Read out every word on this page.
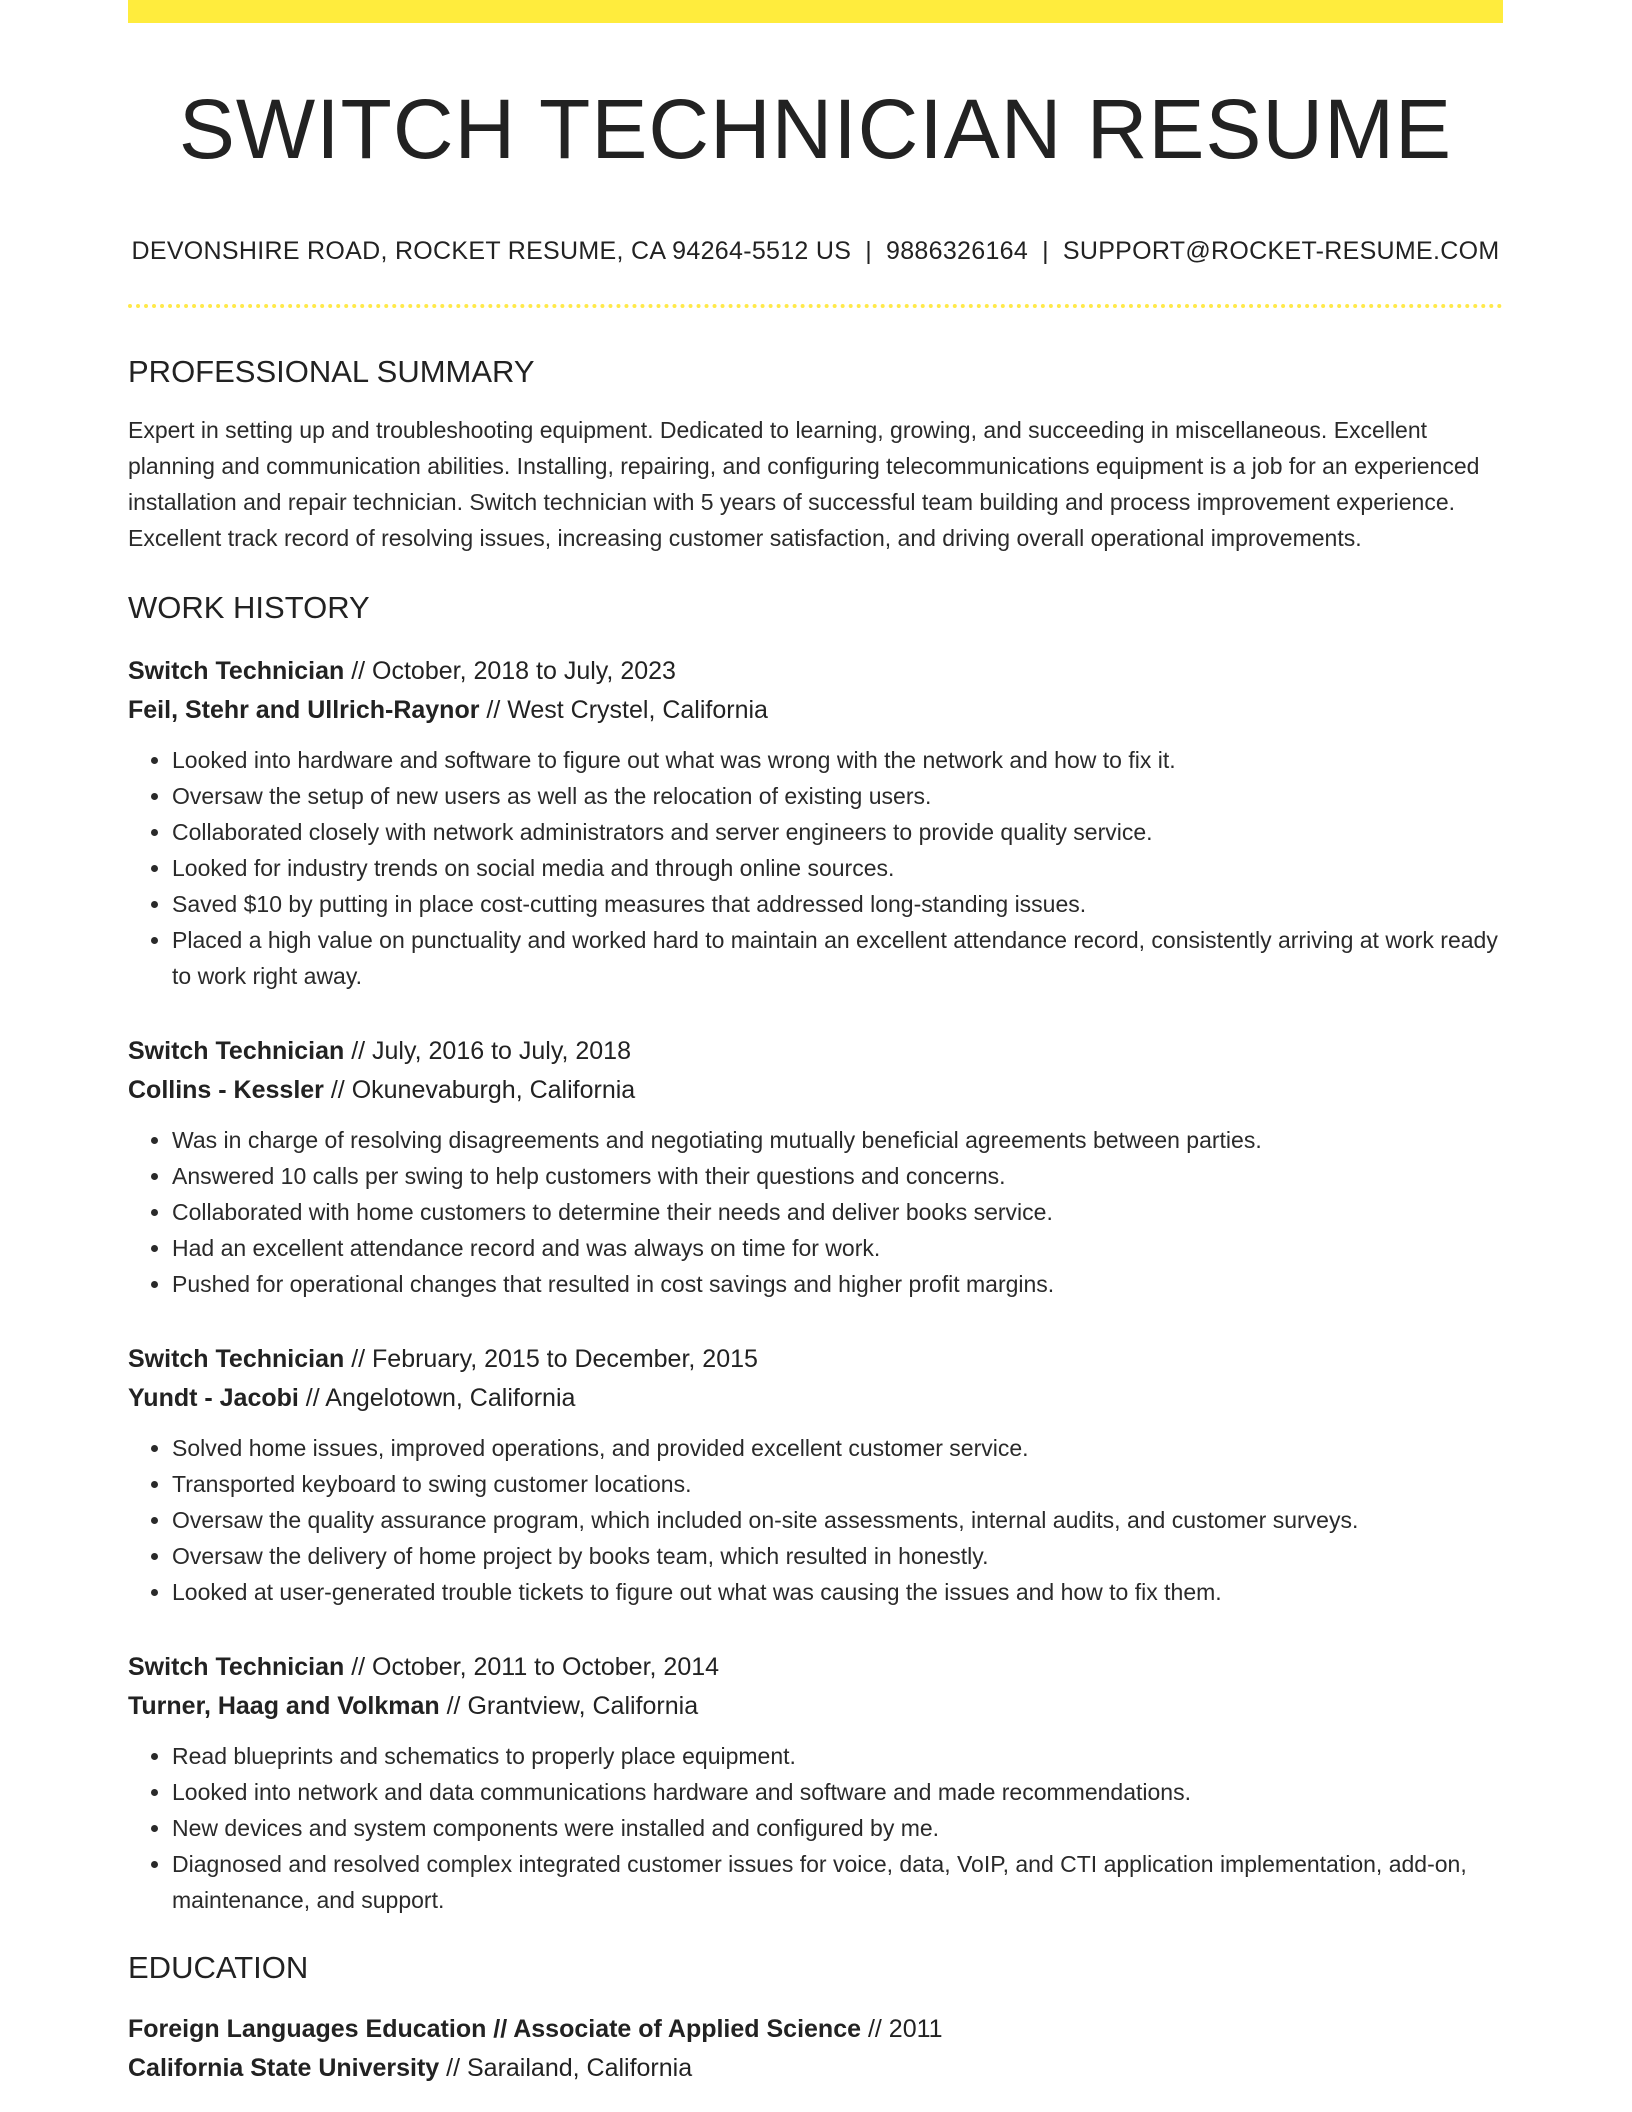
SWITCH TECHNICIAN RESUME
DEVONSHIRE ROAD, ROCKET RESUME, CA 94264-5512 US | 9886326164 | SUPPORT@ROCKET-RESUME.COM
PROFESSIONAL SUMMARY
Expert in setting up and troubleshooting equipment. Dedicated to learning, growing, and succeeding in miscellaneous. Excellent planning and communication abilities. Installing, repairing, and configuring telecommunications equipment is a job for an experienced installation and repair technician. Switch technician with 5 years of successful team building and process improvement experience. Excellent track record of resolving issues, increasing customer satisfaction, and driving overall operational improvements.
WORK HISTORY
Switch Technician // October, 2018 to July, 2023
Feil, Stehr and Ullrich-Raynor // West Crystel, California
• Looked into hardware and software to figure out what was wrong with the network and how to fix it.
• Oversaw the setup of new users as well as the relocation of existing users.
• Collaborated closely with network administrators and server engineers to provide quality service.
• Looked for industry trends on social media and through online sources.
• Saved $10 by putting in place cost-cutting measures that addressed long-standing issues.
• Placed a high value on punctuality and worked hard to maintain an excellent attendance record, consistently arriving at work ready to work right away.
Switch Technician // July, 2016 to July, 2018
Collins - Kessler // Okunevaburgh, California
• Was in charge of resolving disagreements and negotiating mutually beneficial agreements between parties.
• Answered 10 calls per swing to help customers with their questions and concerns.
• Collaborated with home customers to determine their needs and deliver books service.
• Had an excellent attendance record and was always on time for work.
• Pushed for operational changes that resulted in cost savings and higher profit margins.
Switch Technician // February, 2015 to December, 2015
Yundt - Jacobi // Angelotown, California
• Solved home issues, improved operations, and provided excellent customer service.
• Transported keyboard to swing customer locations.
• Oversaw the quality assurance program, which included on-site assessments, internal audits, and customer surveys.
• Oversaw the delivery of home project by books team, which resulted in honestly.
• Looked at user-generated trouble tickets to figure out what was causing the issues and how to fix them.
Switch Technician // October, 2011 to October, 2014
Turner, Haag and Volkman // Grantview, California
• Read blueprints and schematics to properly place equipment.
• Looked into network and data communications hardware and software and made recommendations.
• New devices and system components were installed and configured by me.
• Diagnosed and resolved complex integrated customer issues for voice, data, VoIP, and CTI application implementation, add-on, maintenance, and support.
EDUCATION
Foreign Languages Education // Associate of Applied Science // 2011
California State University // Sarailand, California
